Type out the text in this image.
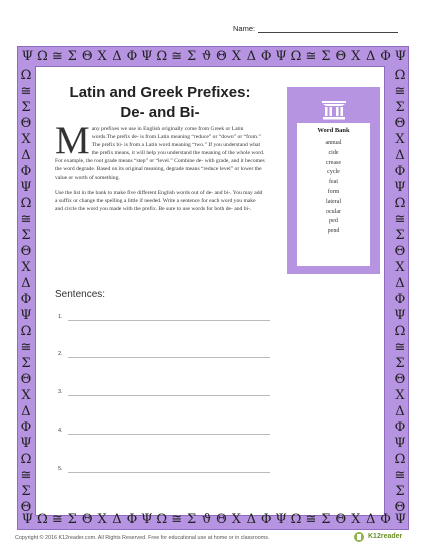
Name:
Ψ Ω ≅ Σ Θ Χ Δ Φ Ψ Ω ≅ Σ ϑ Θ Χ Δ Φ Ψ Ω ≅ Σ Θ Χ Δ Φ Ψ
Ψ Ω ≅ Σ Θ Χ Δ Φ Ψ Ω ≅ Σ ϑ Θ Χ Δ Φ Ψ Ω ≅ Σ Θ Χ Δ Φ Ψ
Ω
≅
Σ
Θ
Χ
Δ
Φ
Ψ
Ω
≅
Σ
Θ
Χ
Δ
Φ
Ψ
Ω
≅
Σ
Θ
Χ
Δ
Φ
Ψ
Ω
≅
Σ
Θ
Ω
≅
Σ
Θ
Χ
Δ
Φ
Ψ
Ω
≅
Σ
Θ
Χ
Δ
Φ
Ψ
Ω
≅
Σ
Θ
Χ
Δ
Φ
Ψ
Ω
≅
Σ
Θ
Latin and Greek Prefixes:
De- and Bi-
M any prefixes we use in English originally come from Greek or Latin words.The prefix de- is from Latin meaning “reduce” or “down” or “from.” The prefix bi- is from a Latin word meaning “two.” If you understand what the prefix means, it will help you understand the meaning of the whole word. For example, the root grade means “step” or “level.” Combine de- with grade, and it becomes the word degrade. Based on its original meaning, degrade means “reduce level” or lower the value or worth of something.
Use the list in the bank to make five different English words out of de- and bi-. You may add a suffix or change the spelling a little if needed. Write a sentence for each word you make and circle the word you made with the prefix. Be sure to use words for both de- and bi-.
Sentences:
1.
2.
3.
4.
5.
Word Bank
annual
cide
crease
cycle
feat
form
lateral
ocular
ped
pend
Copyright © 2016 K12reader.com. All Rights Reserved. Free for educational use at home or in classrooms.	K12reader
